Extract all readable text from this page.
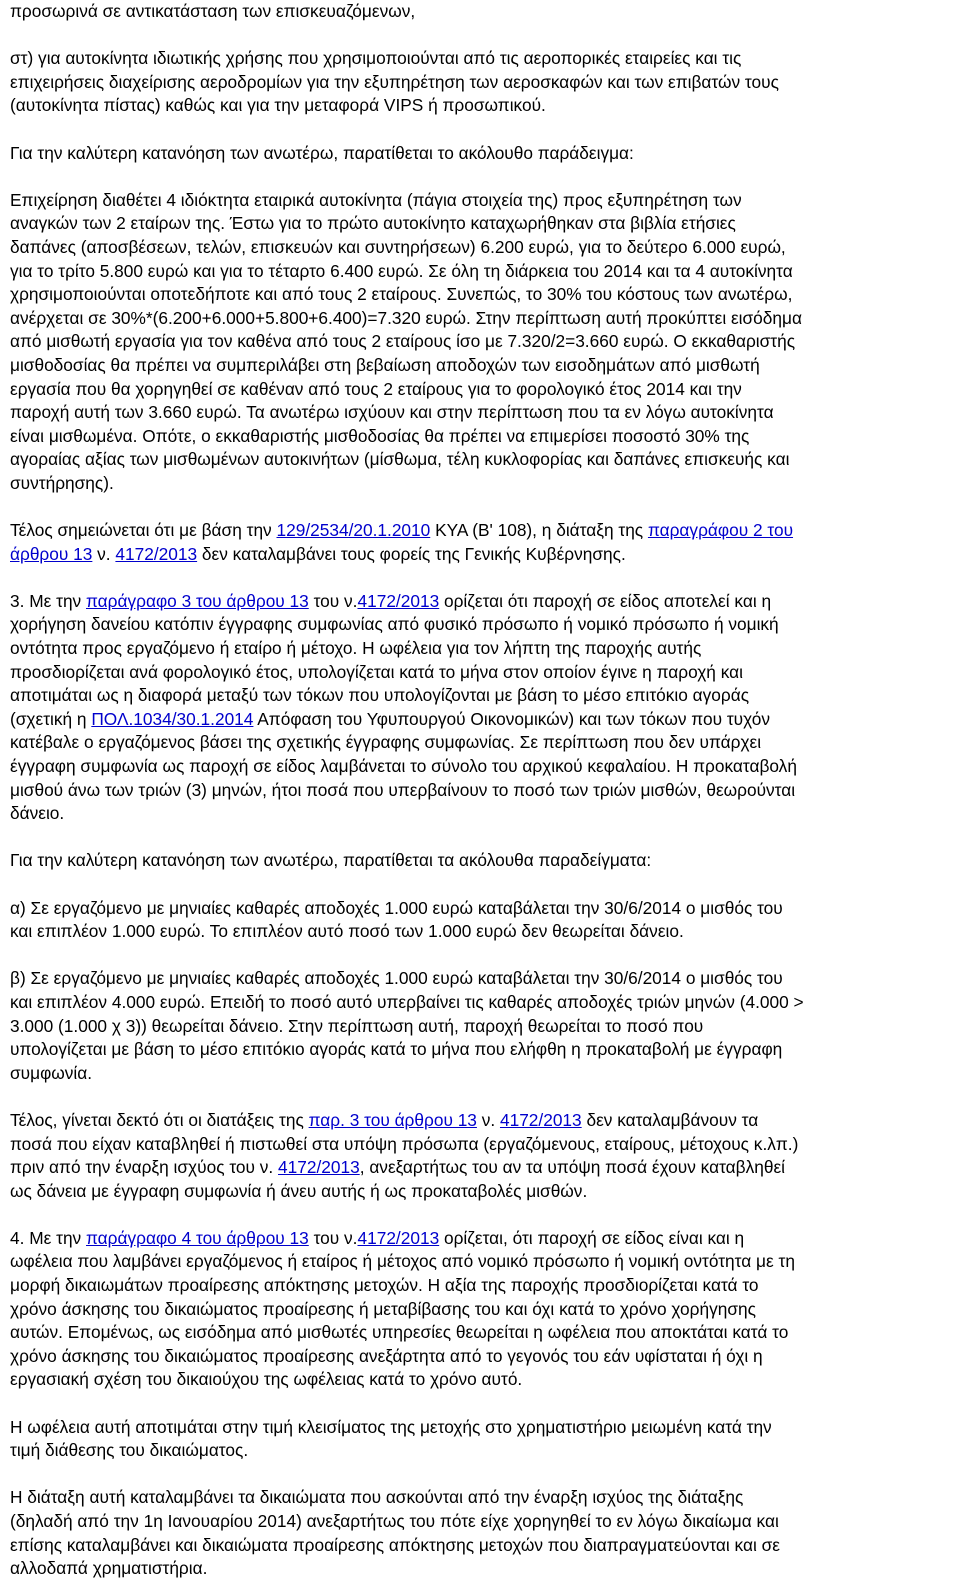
προσωρινά σε αντικατάσταση των επισκευαζόμενων,

στ) για αυτοκίνητα ιδιωτικής χρήσης που χρησιμοποιούνται από τις αεροπορικές εταιρείες και τις
επιχειρήσεις διαχείρισης αεροδρομίων για την εξυπηρέτηση των αεροσκαφών και των επιβατών τους
(αυτοκίνητα πίστας) καθώς και για την μεταφορά VIPS ή προσωπικού.

Για την καλύτερη κατανόηση των ανωτέρω, παρατίθεται το ακόλουθο παράδειγμα:

Επιχείρηση διαθέτει 4 ιδιόκτητα εταιρικά αυτοκίνητα (πάγια στοιχεία της) προς εξυπηρέτηση των
αναγκών των 2 εταίρων της. Έστω για το πρώτο αυτοκίνητο καταχωρήθηκαν στα βιβλία ετήσιες
δαπάνες (αποσβέσεων, τελών, επισκευών και συντηρήσεων) 6.200 ευρώ, για το δεύτερο 6.000 ευρώ,
για το τρίτο 5.800 ευρώ και για το τέταρτο 6.400 ευρώ. Σε όλη τη διάρκεια του 2014 και τα 4 αυτοκίνητα
χρησιμοποιούνται οποτεδήποτε και από τους 2 εταίρους. Συνεπώς, το 30% του κόστους των ανωτέρω,
ανέρχεται σε 30%*(6.200+6.000+5.800+6.400)=7.320 ευρώ. Στην περίπτωση αυτή προκύπτει εισόδημα
από μισθωτή εργασία για τον καθένα από τους 2 εταίρους ίσο με 7.320/2=3.660 ευρώ. Ο εκκαθαριστής
μισθοδοσίας θα πρέπει να συμπεριλάβει στη βεβαίωση αποδοχών των εισοδημάτων από μισθωτή
εργασία που θα χορηγηθεί σε καθέναν από τους 2 εταίρους για το φορολογικό έτος 2014 και την
παροχή αυτή των 3.660 ευρώ. Τα ανωτέρω ισχύουν και στην περίπτωση που τα εν λόγω αυτοκίνητα
είναι μισθωμένα. Οπότε, ο εκκαθαριστής μισθοδοσίας θα πρέπει να επιμερίσει ποσοστό 30% της
αγοραίας αξίας των μισθωμένων αυτοκινήτων (μίσθωμα, τέλη κυκλοφορίας και δαπάνες επισκευής και
συντήρησης).

Τέλος σημειώνεται ότι με βάση την 129/2534/20.1.2010 ΚΥΑ (Β' 108), η διάταξη της παραγράφου 2 του
άρθρου 13 ν. 4172/2013 δεν καταλαμβάνει τους φορείς της Γενικής Κυβέρνησης.

3. Με την παράγραφο 3 του άρθρου 13 του ν.4172/2013 ορίζεται ότι παροχή σε είδος αποτελεί και η
χορήγηση δανείου κατόπιν έγγραφης συμφωνίας από φυσικό πρόσωπο ή νομικό πρόσωπο ή νομική
οντότητα προς εργαζόμενο ή εταίρο ή μέτοχο. Η ωφέλεια για τον λήπτη της παροχής αυτής
προσδιορίζεται ανά φορολογικό έτος, υπολογίζεται κατά το μήνα στον οποίον έγινε η παροχή και
αποτιμάται ως η διαφορά μεταξύ των τόκων που υπολογίζονται με βάση το μέσο επιτόκιο αγοράς
(σχετική η ΠΟΛ.1034/30.1.2014 Απόφαση του Υφυπουργού Οικονομικών) και των τόκων που τυχόν
κατέβαλε ο εργαζόμενος βάσει της σχετικής έγγραφης συμφωνίας. Σε περίπτωση που δεν υπάρχει
έγγραφη συμφωνία ως παροχή σε είδος λαμβάνεται το σύνολο του αρχικού κεφαλαίου. Η προκαταβολή
μισθού άνω των τριών (3) μηνών, ήτοι ποσά που υπερβαίνουν το ποσό των τριών μισθών, θεωρούνται
δάνειο.

Για την καλύτερη κατανόηση των ανωτέρω, παρατίθεται τα ακόλουθα παραδείγματα:

α) Σε εργαζόμενο με μηνιαίες καθαρές αποδοχές 1.000 ευρώ καταβάλεται την 30/6/2014 ο μισθός του
και επιπλέον 1.000 ευρώ. Το επιπλέον αυτό ποσό των 1.000 ευρώ δεν θεωρείται δάνειο.

β) Σε εργαζόμενο με μηνιαίες καθαρές αποδοχές 1.000 ευρώ καταβάλεται την 30/6/2014 ο μισθός του
και επιπλέον 4.000 ευρώ. Επειδή το ποσό αυτό υπερβαίνει τις καθαρές αποδοχές τριών μηνών (4.000 >
3.000 (1.000 χ 3)) θεωρείται δάνειο. Στην περίπτωση αυτή, παροχή θεωρείται το ποσό που
υπολογίζεται με βάση το μέσο επιτόκιο αγοράς κατά το μήνα που ελήφθη η προκαταβολή με έγγραφη
συμφωνία.

Τέλος, γίνεται δεκτό ότι οι διατάξεις της παρ. 3 του άρθρου 13 ν. 4172/2013 δεν καταλαμβάνουν τα
ποσά που είχαν καταβληθεί ή πιστωθεί στα υπόψη πρόσωπα (εργαζόμενους, εταίρους, μέτοχους κ.λπ.)
πριν από την έναρξη ισχύος του ν. 4172/2013, ανεξαρτήτως του αν τα υπόψη ποσά έχουν καταβληθεί
ως δάνεια με έγγραφη συμφωνία ή άνευ αυτής ή ως προκαταβολές μισθών.

4. Με την παράγραφο 4 του άρθρου 13 του ν.4172/2013 ορίζεται, ότι παροχή σε είδος είναι και η
ωφέλεια που λαμβάνει εργαζόμενος ή εταίρος ή μέτοχος από νομικό πρόσωπο ή νομική οντότητα με τη
μορφή δικαιωμάτων προαίρεσης απόκτησης μετοχών. Η αξία της παροχής προσδιορίζεται κατά το
χρόνο άσκησης του δικαιώματος προαίρεσης ή μεταβίβασης του και όχι κατά το χρόνο χορήγησης
αυτών. Επομένως, ως εισόδημα από μισθωτές υπηρεσίες θεωρείται η ωφέλεια που αποκτάται κατά το
χρόνο άσκησης του δικαιώματος προαίρεσης ανεξάρτητα από το γεγονός του εάν υφίσταται ή όχι η
εργασιακή σχέση του δικαιούχου της ωφέλειας κατά το χρόνο αυτό.

Η ωφέλεια αυτή αποτιμάται στην τιμή κλεισίματος της μετοχής στο χρηματιστήριο μειωμένη κατά την
τιμή διάθεσης του δικαιώματος.

Η διάταξη αυτή καταλαμβάνει τα δικαιώματα που ασκούνται από την έναρξη ισχύος της διάταξης
(δηλαδή από την 1η Ιανουαρίου 2014) ανεξαρτήτως του πότε είχε χορηγηθεί το εν λόγω δικαίωμα και
επίσης καταλαμβάνει και δικαιώματα προαίρεσης απόκτησης μετοχών που διαπραγματεύονται και σε
αλλοδαπά χρηματιστήρια.
